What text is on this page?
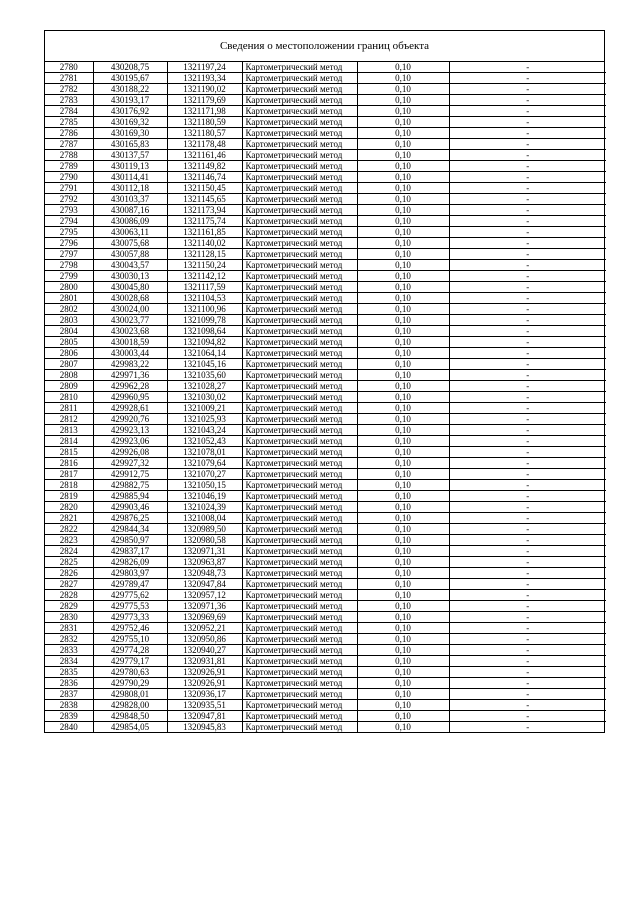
Сведения о местоположении границ объекта
2780	430208,75	1321197,24	Картометрический метод	0,10	-
2781	430195,67	1321193,34	Картометрический метод	0,10	-
2782	430188,22	1321190,02	Картометрический метод	0,10	-
2783	430193,17	1321179,69	Картометрический метод	0,10	-
2784	430176,92	1321171,98	Картометрический метод	0,10	-
2785	430169,32	1321180,59	Картометрический метод	0,10	-
2786	430169,30	1321180,57	Картометрический метод	0,10	-
2787	430165,83	1321178,48	Картометрический метод	0,10	-
2788	430137,57	1321161,46	Картометрический метод	0,10	-
2789	430119,13	1321149,82	Картометрический метод	0,10	-
2790	430114,41	1321146,74	Картометрический метод	0,10	-
2791	430112,18	1321150,45	Картометрический метод	0,10	-
2792	430103,37	1321145,65	Картометрический метод	0,10	-
2793	430087,16	1321173,94	Картометрический метод	0,10	-
2794	430086,09	1321175,74	Картометрический метод	0,10	-
2795	430063,11	1321161,85	Картометрический метод	0,10	-
2796	430075,68	1321140,02	Картометрический метод	0,10	-
2797	430057,88	1321128,15	Картометрический метод	0,10	-
2798	430043,57	1321150,24	Картометрический метод	0,10	-
2799	430030,13	1321142,12	Картометрический метод	0,10	-
2800	430045,80	1321117,59	Картометрический метод	0,10	-
2801	430028,68	1321104,53	Картометрический метод	0,10	-
2802	430024,00	1321100,96	Картометрический метод	0,10	-
2803	430023,77	1321099,78	Картометрический метод	0,10	-
2804	430023,68	1321098,64	Картометрический метод	0,10	-
2805	430018,59	1321094,82	Картометрический метод	0,10	-
2806	430003,44	1321064,14	Картометрический метод	0,10	-
2807	429983,22	1321045,16	Картометрический метод	0,10	-
2808	429971,36	1321035,60	Картометрический метод	0,10	-
2809	429962,28	1321028,27	Картометрический метод	0,10	-
2810	429960,95	1321030,02	Картометрический метод	0,10	-
2811	429928,61	1321009,21	Картометрический метод	0,10	-
2812	429920,76	1321025,93	Картометрический метод	0,10	-
2813	429923,13	1321043,24	Картометрический метод	0,10	-
2814	429923,06	1321052,43	Картометрический метод	0,10	-
2815	429926,08	1321078,01	Картометрический метод	0,10	-
2816	429927,32	1321079,64	Картометрический метод	0,10	-
2817	429912,75	1321070,27	Картометрический метод	0,10	-
2818	429882,75	1321050,15	Картометрический метод	0,10	-
2819	429885,94	1321046,19	Картометрический метод	0,10	-
2820	429903,46	1321024,39	Картометрический метод	0,10	-
2821	429876,25	1321008,04	Картометрический метод	0,10	-
2822	429844,34	1320989,50	Картометрический метод	0,10	-
2823	429850,97	1320980,58	Картометрический метод	0,10	-
2824	429837,17	1320971,31	Картометрический метод	0,10	-
2825	429826,09	1320963,87	Картометрический метод	0,10	-
2826	429803,97	1320948,73	Картометрический метод	0,10	-
2827	429789,47	1320947,84	Картометрический метод	0,10	-
2828	429775,62	1320957,12	Картометрический метод	0,10	-
2829	429775,53	1320971,36	Картометрический метод	0,10	-
2830	429773,33	1320969,69	Картометрический метод	0,10	-
2831	429752,46	1320952,21	Картометрический метод	0,10	-
2832	429755,10	1320950,86	Картометрический метод	0,10	-
2833	429774,28	1320940,27	Картометрический метод	0,10	-
2834	429779,17	1320931,81	Картометрический метод	0,10	-
2835	429780,63	1320926,91	Картометрический метод	0,10	-
2836	429790,29	1320926,91	Картометрический метод	0,10	-
2837	429808,01	1320936,17	Картометрический метод	0,10	-
2838	429828,00	1320935,51	Картометрический метод	0,10	-
2839	429848,50	1320947,81	Картометрический метод	0,10	-
2840	429854,05	1320945,83	Картометрический метод	0,10	-
